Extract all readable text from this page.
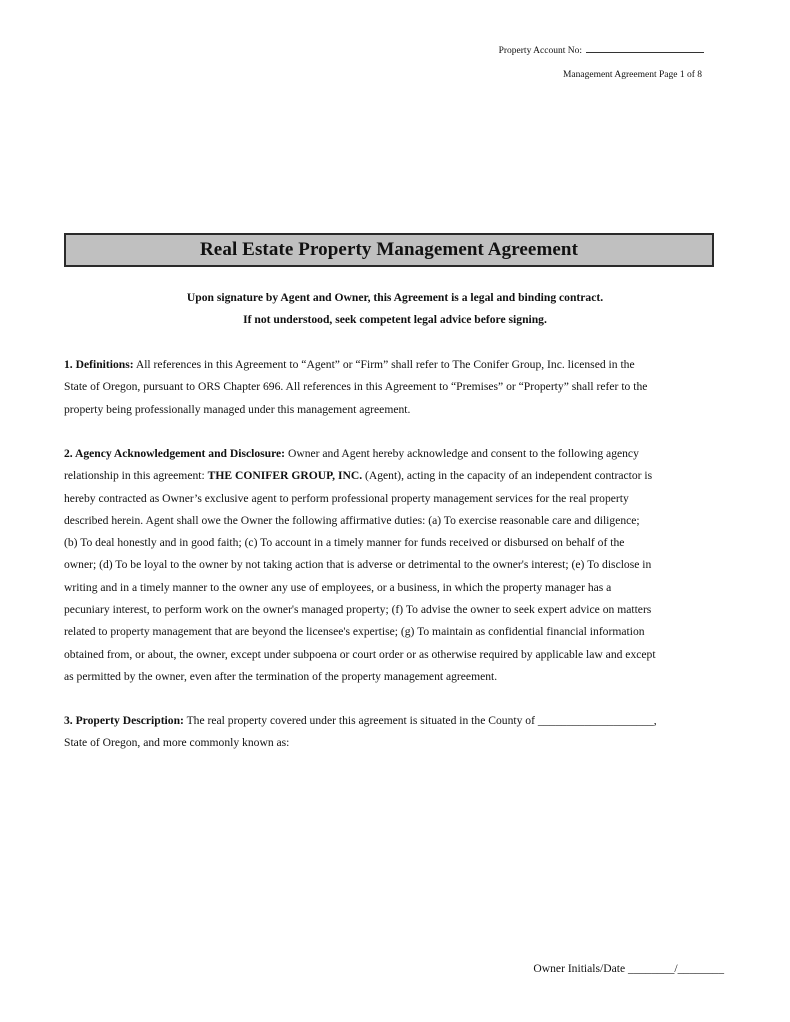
Property Account No:
Management Agreement Page 1 of 8
Real Estate Property Management Agreement
Upon signature by Agent and Owner, this Agreement is a legal and binding contract.
If not understood, seek competent legal advice before signing.
1. Definitions: All references in this Agreement to “Agent” or “Firm” shall refer to The Conifer Group, Inc. licensed in the
State of Oregon, pursuant to ORS Chapter 696. All references in this Agreement to “Premises” or “Property” shall refer to the
property being professionally managed under this management agreement.
2. Agency Acknowledgement and Disclosure: Owner and Agent hereby acknowledge and consent to the following agency
relationship in this agreement: THE CONIFER GROUP, INC. (Agent), acting in the capacity of an independent contractor is
hereby contracted as Owner’s exclusive agent to perform professional property management services for the real property
described herein. Agent shall owe the Owner the following affirmative duties: (a) To exercise reasonable care and diligence;
(b) To deal honestly and in good faith; (c) To account in a timely manner for funds received or disbursed on behalf of the
owner; (d) To be loyal to the owner by not taking action that is adverse or detrimental to the owner's interest; (e) To disclose in
writing and in a timely manner to the owner any use of employees, or a business, in which the property manager has a
pecuniary interest, to perform work on the owner's managed property; (f) To advise the owner to seek expert advice on matters
related to property management that are beyond the licensee's expertise; (g) To maintain as confidential financial information
obtained from, or about, the owner, except under subpoena or court order or as otherwise required by applicable law and except
as permitted by the owner, even after the termination of the property management agreement.
3. Property Description: The real property covered under this agreement is situated in the County of ____________________,
State of Oregon, and more commonly known as:
Owner Initials/Date ________/________
